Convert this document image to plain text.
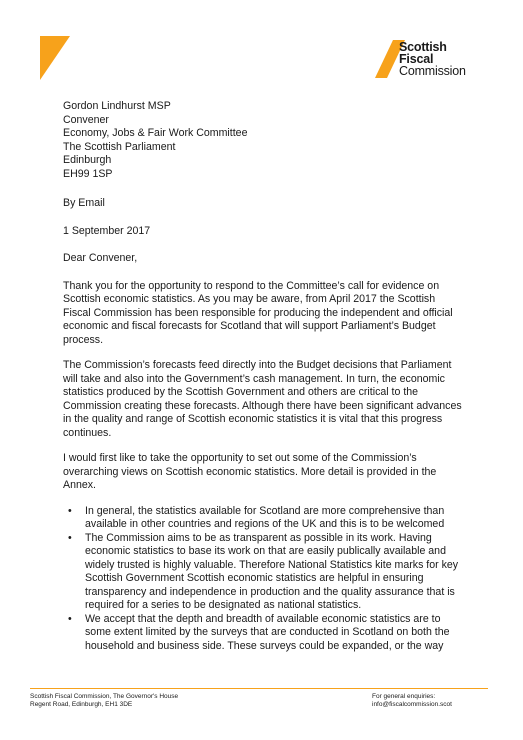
Scottish
Fiscal
Commission
Gordon Lindhurst MSP
Convener
Economy, Jobs & Fair Work Committee
The Scottish Parliament
Edinburgh
EH99 1SP

By Email

1 September 2017

Dear Convener,

Thank you for the opportunity to respond to the Committee’s call for evidence on Scottish economic statistics. As you may be aware, from April 2017 the Scottish Fiscal Commission has been responsible for producing the independent and official economic and fiscal forecasts for Scotland that will support Parliament’s Budget process.

The Commission’s forecasts feed directly into the Budget decisions that Parliament will take and also into the Government’s cash management. In turn, the economic statistics produced by the Scottish Government and others are critical to the Commission creating these forecasts. Although there have been significant advances in the quality and range of Scottish economic statistics it is vital that this progress continues.

I would first like to take the opportunity to set out some of the Commission’s overarching views on Scottish economic statistics. More detail is provided in the Annex.

• In general, the statistics available for Scotland are more comprehensive than available in other countries and regions of the UK and this is to be welcomed
• The Commission aims to be as transparent as possible in its work. Having economic statistics to base its work on that are easily publically available and widely trusted is highly valuable. Therefore National Statistics kite marks for key Scottish Government Scottish economic statistics are helpful in ensuring transparency and independence in production and the quality assurance that is required for a series to be designated as national statistics.
• We accept that the depth and breadth of available economic statistics are to some extent limited by the surveys that are conducted in Scotland on both the household and business side. These surveys could be expanded, or the way
Scottish Fiscal Commission, The Governor's House
Regent Road, Edinburgh, EH1 3DE
For general enquiries:
info@fiscalcommission.scot
